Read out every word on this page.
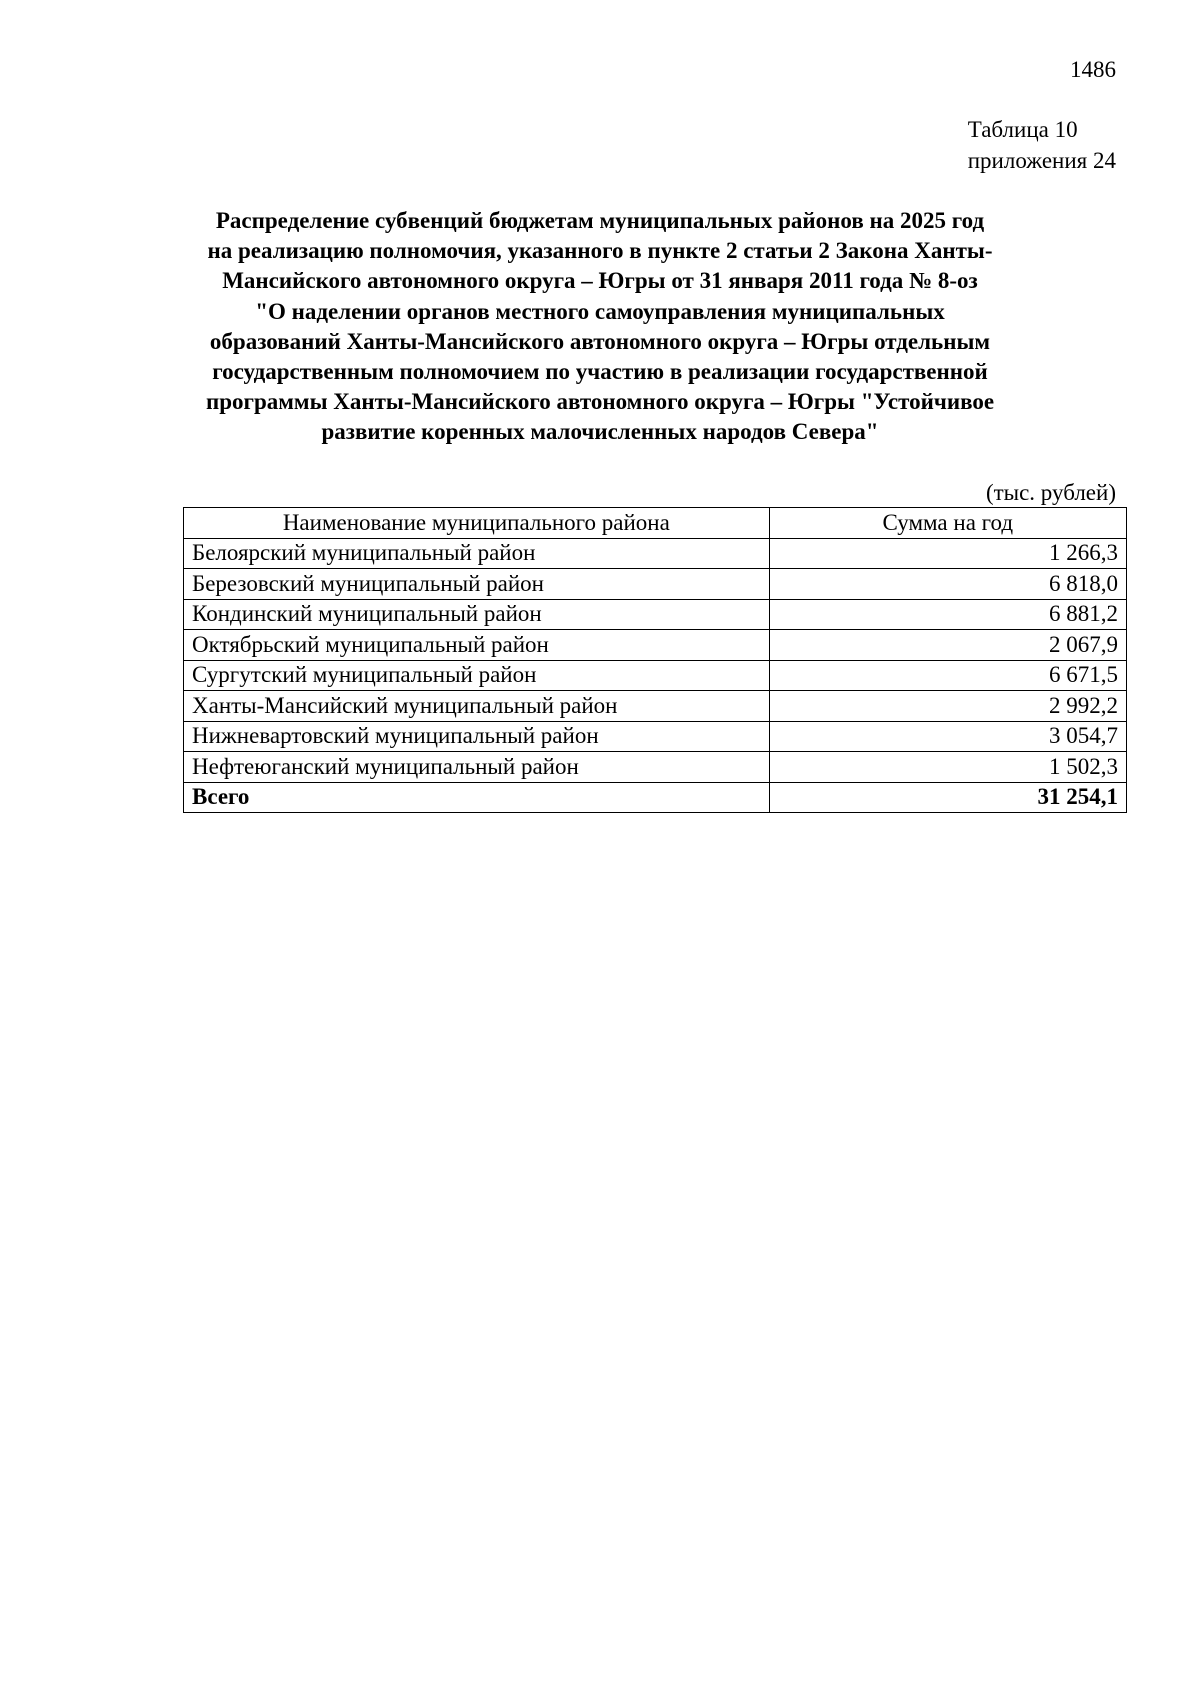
1486
Таблица 10
приложения 24
Распределение субвенций бюджетам муниципальных районов на 2025 год
на реализацию полномочия, указанного в пункте 2 статьи 2 Закона Ханты-
Мансийского автономного округа – Югры от 31 января 2011 года № 8-оз
"О наделении органов местного самоуправления муниципальных
образований Ханты-Мансийского автономного округа – Югры отдельным
государственным полномочием по участию в реализации государственной
программы Ханты-Мансийского автономного округа – Югры "Устойчивое
развитие коренных малочисленных народов Севера"
(тыс. рублей)
Наименование муниципального района	Сумма на год
Белоярский муниципальный район	1 266,3
Березовский муниципальный район	6 818,0
Кондинский муниципальный район	6 881,2
Октябрьский муниципальный район	2 067,9
Сургутский муниципальный район	6 671,5
Ханты-Мансийский муниципальный район	2 992,2
Нижневартовский муниципальный район	3 054,7
Нефтеюганский муниципальный район	1 502,3
Всего	31 254,1
